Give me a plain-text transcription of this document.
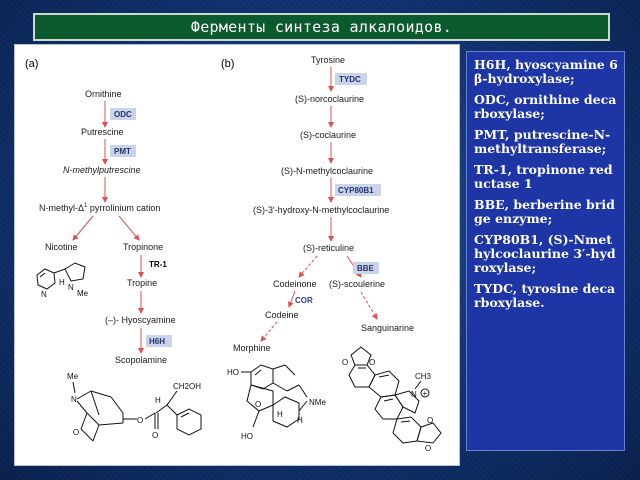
Ферменты синтеза алкалоидов.
(a)
Ornithine
ODC
Putrescine
PMT
N-methylputrescine
$N-methyl-\Delta^1$ pyrrolinium cation
Nicotine	Tropinone
N
N
H
Me
TR-1
Tropine
(–)- Hyoscyamine
H6H
Scopolamine
Me
N
O
O
O
H
CH2OH
(b)	Tyrosine
TYDC
(S)-norcoclaurine
(S)-coclaurine
(S)-N-methylcoclaurine
CYP80B1
(S)-3′-hydroxy-N-methylcoclaurine
(S)-reticuline
BBE
Codeinone (S)-scoulerine
COR
Codeine
Sanguinarine
Morphine
HO
O	NMe
H
H
HO
O	O
N +
CH3
O
O
H6H, hyoscyamine 6β-hydroxylase;
ODC, ornithine decarboxylase;
PMT, putrescine-N-methyltransferase;
TR-1, tropinone reductase 1
BBE, berberine bridge enzyme;
CYP80B1, (S)-Nmethylcoclaurine 3′-hydroxylase;
TYDC, tyrosine decarboxylase.
